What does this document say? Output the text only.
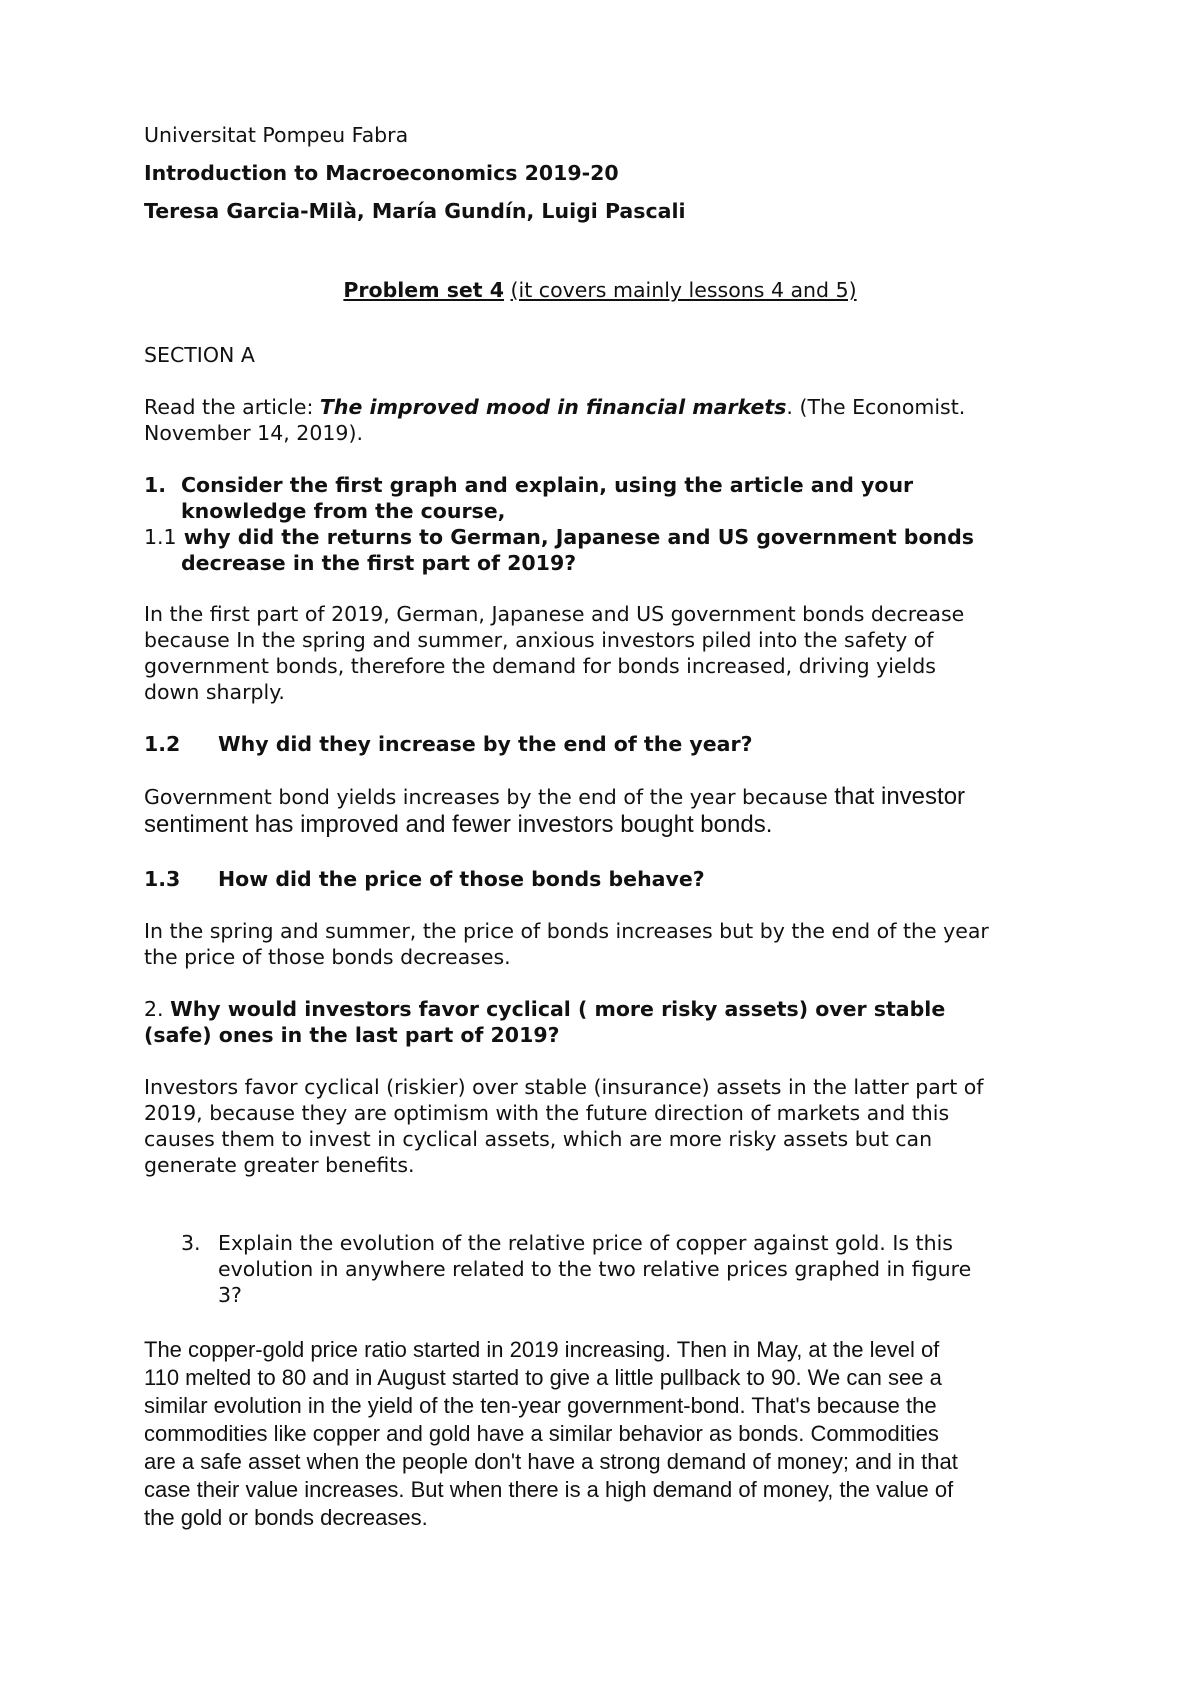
Universitat Pompeu Fabra
Introduction to Macroeconomics 2019-20
Teresa Garcia-Milà, María Gundín, Luigi Pascali
Problem set 4 (it covers mainly lessons 4 and 5)
SECTION A
Read the article: The improved mood in financial markets. (The Economist.
November 14, 2019).
1. Consider the first graph and explain, using the article and your
knowledge from the course,
1.1 why did the returns to German, Japanese and US government bonds
decrease in the first part of 2019?
In the first part of 2019, German, Japanese and US government bonds decrease
because In the spring and summer, anxious investors piled into the safety of
government bonds, therefore the demand for bonds increased, driving yields
down sharply.
1.2 Why did they increase by the end of the year?
Government bond yields increases by the end of the year because that investor
sentiment has improved and fewer investors bought bonds.
1.3 How did the price of those bonds behave?
In the spring and summer, the price of bonds increases but by the end of the year
the price of those bonds decreases.
2. Why would investors favor cyclical ( more risky assets) over stable
(safe) ones in the last part of 2019?
Investors favor cyclical (riskier) over stable (insurance) assets in the latter part of
2019, because they are optimism with the future direction of markets and this
causes them to invest in cyclical assets, which are more risky assets but can
generate greater benefits.
3. Explain the evolution of the relative price of copper against gold. Is this
evolution in anywhere related to the two relative prices graphed in figure
3?
The copper-gold price ratio started in 2019 increasing. Then in May, at the level of
110 melted to 80 and in August started to give a little pullback to 90. We can see a
similar evolution in the yield of the ten-year government-bond. That's because the
commodities like copper and gold have a similar behavior as bonds. Commodities
are a safe asset when the people don't have a strong demand of money; and in that
case their value increases. But when there is a high demand of money, the value of
the gold or bonds decreases.
